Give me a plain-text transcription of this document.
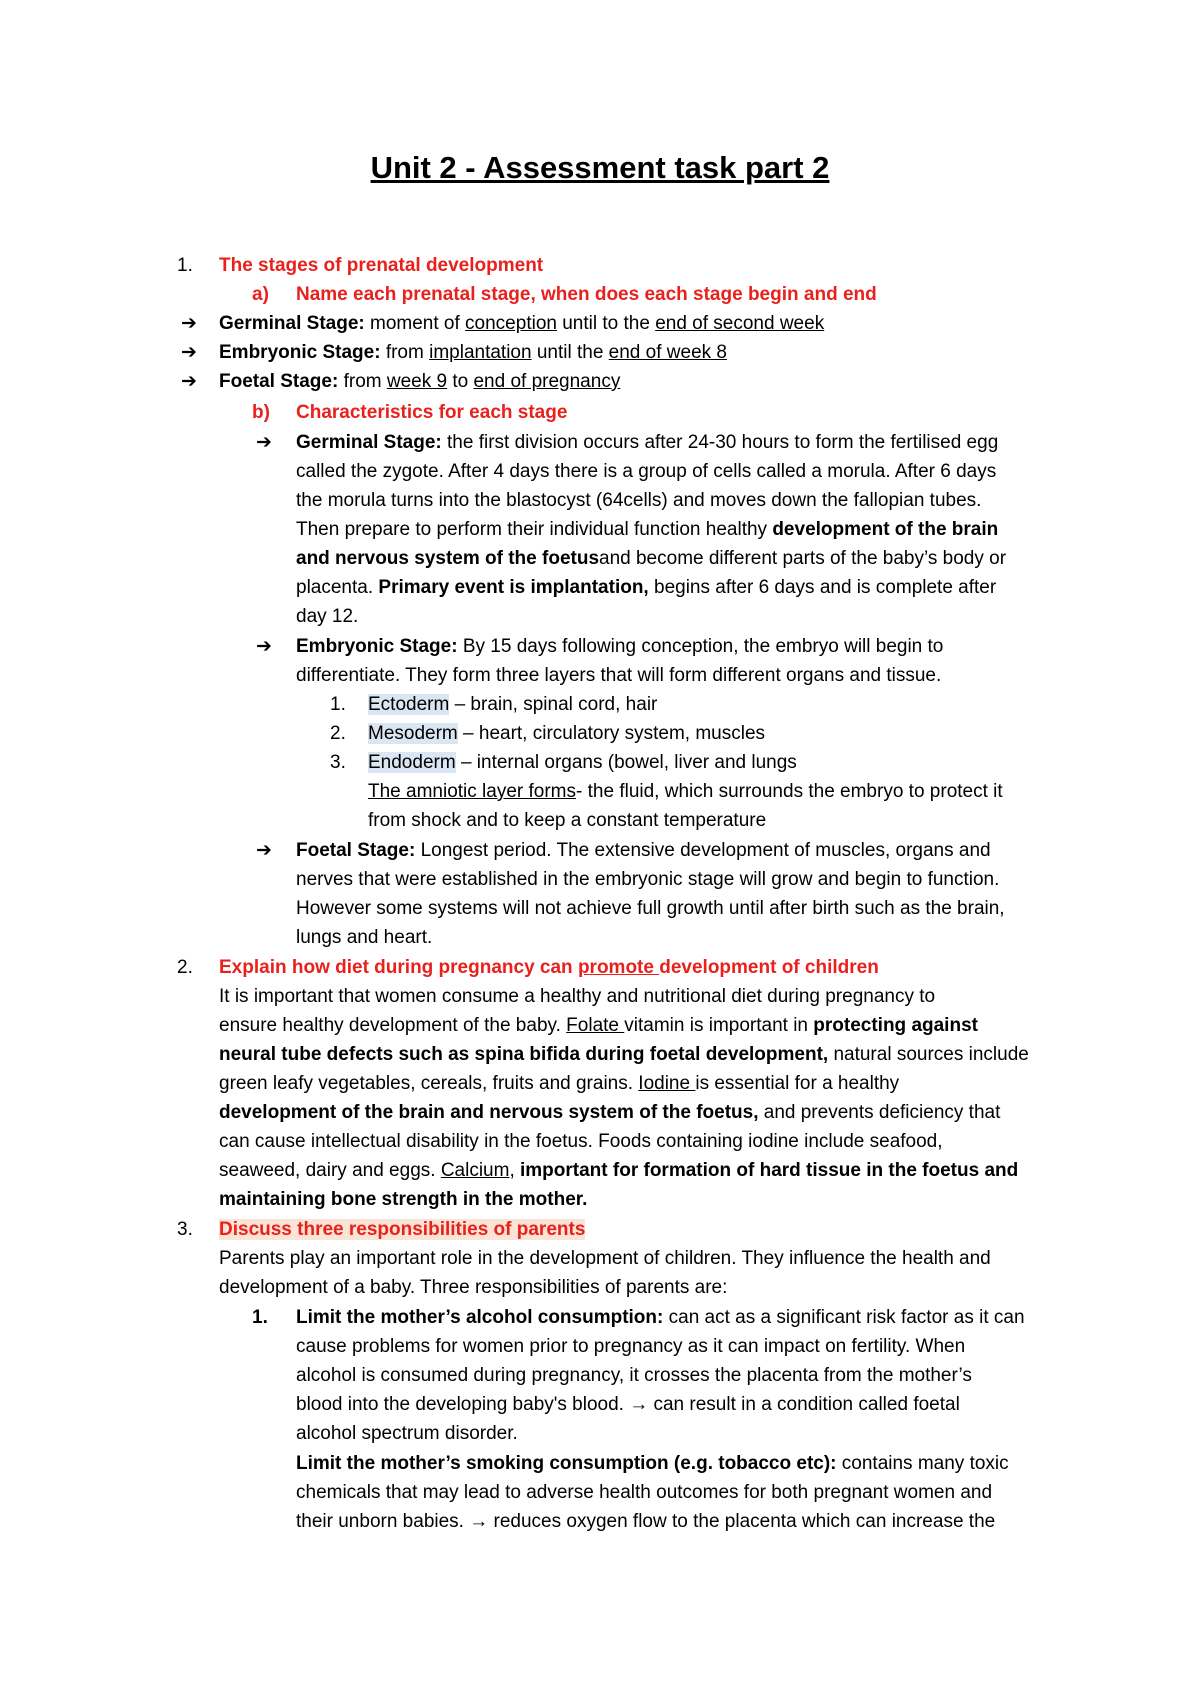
Unit 2 - Assessment task part 2
1. The stages of prenatal development
a) Name each prenatal stage, when does each stage begin and end
➔ Germinal Stage: moment of conception until to the end of second week
➔ Embryonic Stage: from implantation until the end of week 8
➔ Foetal Stage: from week 9 to end of pregnancy
b) Characteristics for each stage
➔ Germinal Stage: the first division occurs after 24-30 hours to form the fertilised egg
called the zygote. After 4 days there is a group of cells called a morula. After 6 days
the morula turns into the blastocyst (64cells) and moves down the fallopian tubes.
Then prepare to perform their individual function healthy development of the brain
and nervous system of the foetusand become different parts of the baby’s body or
placenta. Primary event is implantation, begins after 6 days and is complete after
day 12.
➔ Embryonic Stage: By 15 days following conception, the embryo will begin to
differentiate. They form three layers that will form different organs and tissue.
1. Ectoderm – brain, spinal cord, hair
2. Mesoderm – heart, circulatory system, muscles
3. Endoderm – internal organs (bowel, liver and lungs
The amniotic layer forms- the fluid, which surrounds the embryo to protect it
from shock and to keep a constant temperature
➔ Foetal Stage: Longest period. The extensive development of muscles, organs and
nerves that were established in the embryonic stage will grow and begin to function.
However some systems will not achieve full growth until after birth such as the brain,
lungs and heart.
2. Explain how diet during pregnancy can promote development of children
It is important that women consume a healthy and nutritional diet during pregnancy to
ensure healthy development of the baby. Folate vitamin is important in protecting against
neural tube defects such as spina bifida during foetal development, natural sources include
green leafy vegetables, cereals, fruits and grains. Iodine is essential for a healthy
development of the brain and nervous system of the foetus, and prevents deficiency that
can cause intellectual disability in the foetus. Foods containing iodine include seafood,
seaweed, dairy and eggs. Calcium, important for formation of hard tissue in the foetus and
maintaining bone strength in the mother.
3. Discuss three responsibilities of parents
Parents play an important role in the development of children. They influence the health and
development of a baby. Three responsibilities of parents are:
1. Limit the mother’s alcohol consumption: can act as a significant risk factor as it can
cause problems for women prior to pregnancy as it can impact on fertility. When
alcohol is consumed during pregnancy, it crosses the placenta from the mother’s
blood into the developing baby's blood. → can result in a condition called foetal
alcohol spectrum disorder.
Limit the mother’s smoking consumption (e.g. tobacco etc): contains many toxic
chemicals that may lead to adverse health outcomes for both pregnant women and
their unborn babies. → reduces oxygen flow to the placenta which can increase the
